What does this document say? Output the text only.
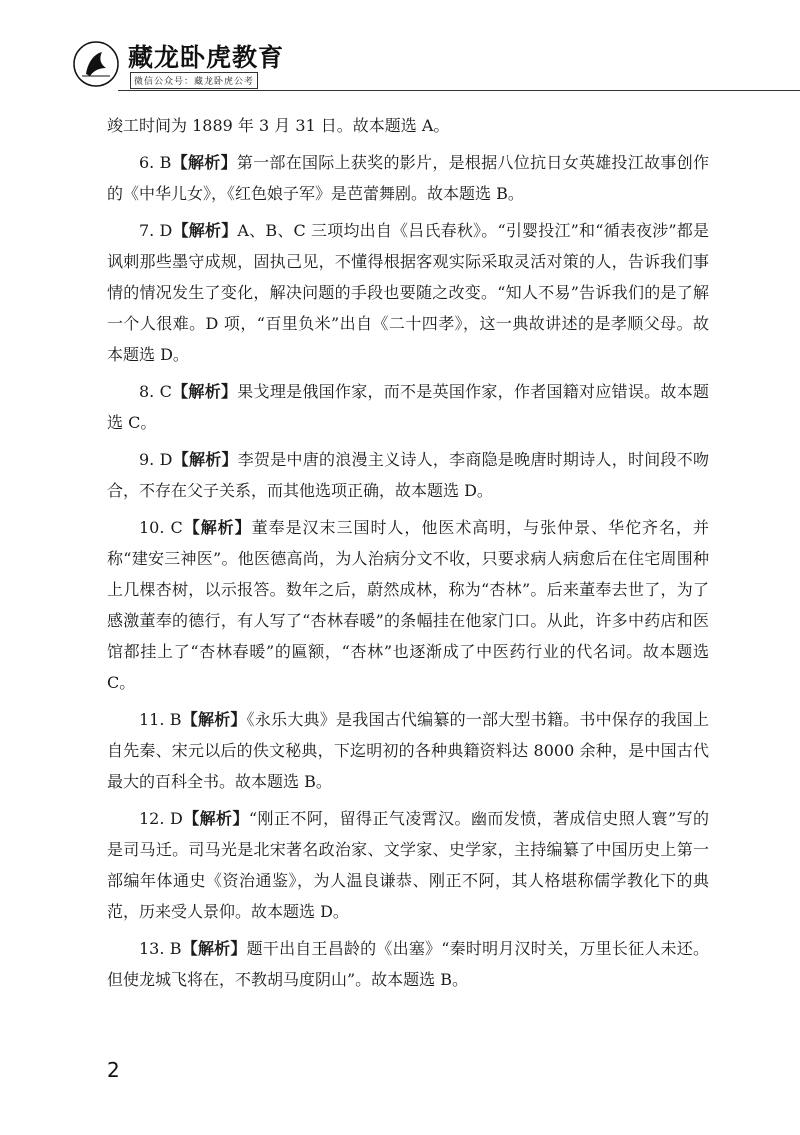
藏龙卧虎教育
微信公众号：藏龙卧虎公考

竣工时间为 1889 年 3 月 31 日。故本题选 A。

6. B【解析】第一部在国际上获奖的影片，是根据八位抗日女英雄投江故事创作的《中华儿女》，《红色娘子军》是芭蕾舞剧。故本题选 B。

7. D【解析】A、B、C 三项均出自《吕氏春秋》。“引婴投江”和“循表夜涉”都是讽刺那些墨守成规，固执己见，不懂得根据客观实际采取灵活对策的人，告诉我们事情的情况发生了变化，解决问题的手段也要随之改变。“知人不易”告诉我们的是了解一个人很难。D 项，“百里负米”出自《二十四孝》，这一典故讲述的是孝顺父母。故本题选 D。

8. C【解析】果戈理是俄国作家，而不是英国作家，作者国籍对应错误。故本题选 C。

9. D【解析】李贺是中唐的浪漫主义诗人，李商隐是晚唐时期诗人，时间段不吻合，不存在父子关系，而其他选项正确，故本题选 D。

10. C【解析】董奉是汉末三国时人，他医术高明，与张仲景、华佗齐名，并称“建安三神医”。他医德高尚，为人治病分文不收，只要求病人病愈后在住宅周围种上几棵杏树，以示报答。数年之后，蔚然成林，称为“杏林”。后来董奉去世了，为了感激董奉的德行，有人写了“杏林春暖”的条幅挂在他家门口。从此，许多中药店和医馆都挂上了“杏林春暖”的匾额，“杏林”也逐渐成了中医药行业的代名词。故本题选 C。

11. B【解析】《永乐大典》是我国古代编纂的一部大型书籍。书中保存的我国上自先秦、宋元以后的佚文秘典，下迄明初的各种典籍资料达 8000 余种，是中国古代最大的百科全书。故本题选 B。

12. D【解析】“刚正不阿，留得正气凌霄汉。幽而发愤，著成信史照人寰”写的是司马迁。司马光是北宋著名政治家、文学家、史学家，主持编纂了中国历史上第一部编年体通史《资治通鉴》，为人温良谦恭、刚正不阿，其人格堪称儒学教化下的典范，历来受人景仰。故本题选 D。

13. B【解析】题干出自王昌龄的《出塞》“秦时明月汉时关，万里长征人未还。但使龙城飞将在，不教胡马度阴山”。故本题选 B。

2
